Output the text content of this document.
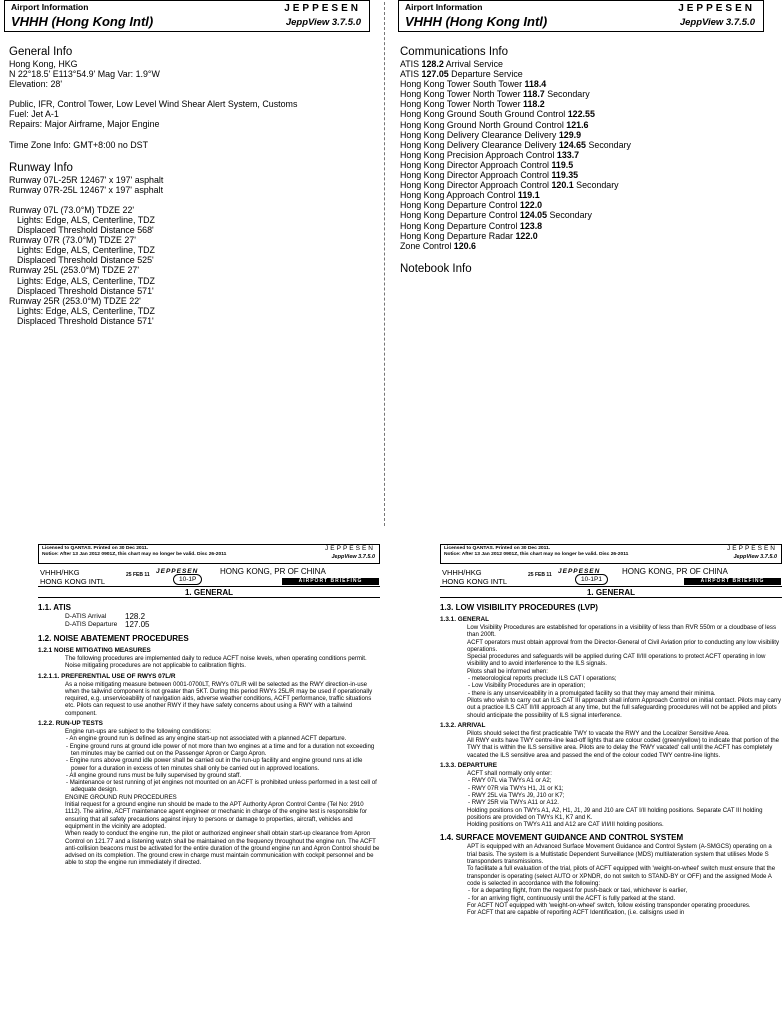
Airport Information
VHHH (Hong Kong Intl)
JEPPESEN
JeppView 3.7.5.0
General Info
Hong Kong, HKG
N 22°18.5' E113°54.9' Mag Var: 1.9°W
Elevation: 28'
Public, IFR, Control Tower, Low Level Wind Shear Alert System, Customs
Fuel: Jet A-1
Repairs: Major Airframe, Major Engine
Time Zone Info: GMT+8:00 no DST
Runway Info
Runway 07L-25R 12467' x 197' asphalt
Runway 07R-25L 12467' x 197' asphalt
Runway 07L (73.0°M) TDZE 22'
Lights: Edge, ALS, Centerline, TDZ
Displaced Threshold Distance 568'
Runway 07R (73.0°M) TDZE 27'
Lights: Edge, ALS, Centerline, TDZ
Displaced Threshold Distance 525'
Runway 25L (253.0°M) TDZE 27'
Lights: Edge, ALS, Centerline, TDZ
Displaced Threshold Distance 571'
Runway 25R (253.0°M) TDZE 22'
Lights: Edge, ALS, Centerline, TDZ
Displaced Threshold Distance 571'
Airport Information
VHHH (Hong Kong Intl)
JEPPESEN
JeppView 3.7.5.0
Communications Info
ATIS 128.2 Arrival Service
ATIS 127.05 Departure Service
Hong Kong Tower South Tower 118.4
Hong Kong Tower North Tower 118.7 Secondary
Hong Kong Tower North Tower 118.2
Hong Kong Ground South Ground Control 122.55
Hong Kong Ground North Ground Control 121.6
Hong Kong Delivery Clearance Delivery 129.9
Hong Kong Delivery Clearance Delivery 124.65 Secondary
Hong Kong Precision Approach Control 133.7
Hong Kong Director Approach Control 119.5
Hong Kong Director Approach Control 119.35
Hong Kong Director Approach Control 120.1 Secondary
Hong Kong Approach Control 119.1
Hong Kong Departure Control 122.0
Hong Kong Departure Control 124.05 Secondary
Hong Kong Departure Control 123.8
Hong Kong Departure Radar 122.0
Zone Control 120.6
Notebook Info
Licensed to QANTAS. Printed on 30 Dec 2011.
Notice: After 13 Jan 2012 0901Z, this chart may no longer be valid. Disc 26-2011
JEPPESEN
JeppView 3.7.5.0
VHHH/HKG
HONG KONG INTL
25 FEB 11 JEPPESEN
10-1P
HONG KONG, PR OF CHINA
AIRPORT BRIEFING
1. GENERAL
1.1. ATIS
D-ATIS Arrival	128.2
D-ATIS Departure 127.05
1.2. NOISE ABATEMENT PROCEDURES
1.2.1 NOISE MITIGATING MEASURES
The following procedures are implemented daily to reduce ACFT noise levels, when operating conditions permit. Noise mitigating procedures are not applicable to calibration flights.
1.2.1.1. PREFERENTIAL USE OF RWYS 07L/R
As a noise mitigating measure between 0001-0700LT, RWYs 07L/R will be selected as the RWY direction-in-use when the tailwind component is not greater than 5KT. During this period RWYs 25L/R may be used if operationally required, e.g. unserviceability of navigation aids, adverse weather conditions, ACFT performance, traffic situations etc. Pilots can request to use another RWY if they have safety concerns about using a RWY with a tailwind component.
1.2.2. RUN-UP TESTS
Engine run-ups are subject to the following conditions:
- An engine ground run is defined as any engine start-up not associated with a planned ACFT departure.
- Engine ground runs at ground idle power of not more than two engines at a time and for a duration not exceeding ten minutes may be carried out on the Passenger Apron or Cargo Apron.
- Engine runs above ground idle power shall be carried out in the run-up facility and engine ground runs at idle power for a duration in excess of ten minutes shall only be carried out in approved locations.
- All engine ground runs must be fully supervised by ground staff.
- Maintenance or test running of jet engines not mounted on an ACFT is prohibited unless performed in a test cell of adequate design.
ENGINE GROUND RUN PROCEDURES
Initial request for a ground engine run should be made to the APT Authority Apron Control Centre (Tel No: 2910 1112). The airline, ACFT maintenance agent engineer or mechanic in charge of the engine test is responsible for ensuring that all safety precautions against injury to persons or damage to properties, aircraft, vehicles and equipment in the vicinity are adopted.
When ready to conduct the engine run, the pilot or authorized engineer shall obtain start-up clearance from Apron Control on 121.77 and a listening watch shall be maintained on the frequency throughout the engine run. The ACFT anti-collision beacons must be activated for the entire duration of the ground engine run and Apron Control should be advised on its completion. The ground crew in charge must maintain communication with cockpit personnel and be able to stop the engine run immediately if directed.
Licensed to QANTAS. Printed on 30 Dec 2011.
Notice: After 13 Jan 2012 0901Z, this chart may no longer be valid. Disc 26-2011
JEPPESEN
JeppView 3.7.5.0
VHHH/HKG
HONG KONG INTL
25 FEB 11 JEPPESEN
10-1P1
HONG KONG, PR OF CHINA
AIRPORT BRIEFING
1. GENERAL
1.3. LOW VISIBILITY PROCEDURES (LVP)
1.3.1. GENERAL
Low Visibility Procedures are established for operations in a visibility of less than RVR 550m or a cloudbase of less than 200ft.
ACFT operators must obtain approval from the Director-General of Civil Aviation prior to conducting any low visibility operations.
Special procedures and safeguards will be applied during CAT II/III operations to protect ACFT operating in low visibility and to avoid interference to the ILS signals.
Pilots shall be informed when:
- meteorological reports preclude ILS CAT I operations;
- Low Visibility Procedures are in operation;
- there is any unserviceability in a promulgated facility so that they may amend their minima.
Pilots who wish to carry out an ILS CAT III approach shall inform Approach Control on initial contact. Pilots may carry out a practice ILS CAT II/III approach at any time, but the full safeguarding procedures will not be applied and pilots should anticipate the possibility of ILS signal interference.
1.3.2. ARRIVAL
Pilots should select the first practicable TWY to vacate the RWY and the Localizer Sensitive Area.
All RWY exits have TWY centre-line lead-off lights that are colour coded (green/yellow) to indicate that portion of the TWY that is within the ILS sensitive area. Pilots are to delay the 'RWY vacated' call until the ACFT has completely vacated the ILS sensitive area and passed the end of the colour coded TWY centre-line lights.
1.3.3. DEPARTURE
ACFT shall normally only enter:
- RWY 07L via TWYs A1 or A2;
- RWY 07R via TWYs H1, J1 or K1;
- RWY 25L via TWYs J9, J10 or K7;
- RWY 25R via TWYs A11 or A12.
Holding positions on TWYs A1, A2, H1, J1, J9 and J10 are CAT I/II holding positions. Separate CAT III holding positions are provided on TWYs K1, K7 and K.
Holding positions on TWYs A11 and A12 are CAT I/II/III holding positions.
1.4. SURFACE MOVEMENT GUIDANCE AND CONTROL SYSTEM
APT is equipped with an Advanced Surface Movement Guidance and Control System (A-SMGCS) operating on a trial basis. The system is a Multistatic Dependent Surveillance (MDS) multilateration system that utilises Mode S transponders transmissions.
To facilitate a full evaluation of the trial, pilots of ACFT equipped with 'weight-on-wheel' switch must ensure that the transponder is operating (select AUTO or XPNDR, do not switch to STAND-BY or OFF) and the assigned Mode A code is selected in accordance with the following:
- for a departing flight, from the request for push-back or taxi, whichever is earlier,
- for an arriving flight, continuously until the ACFT is fully parked at the stand.
For ACFT NOT equipped with 'weight-on-wheel' switch, follow existing transponder operating procedures.
For ACFT that are capable of reporting ACFT Identification, (i.e. callsigns used in
